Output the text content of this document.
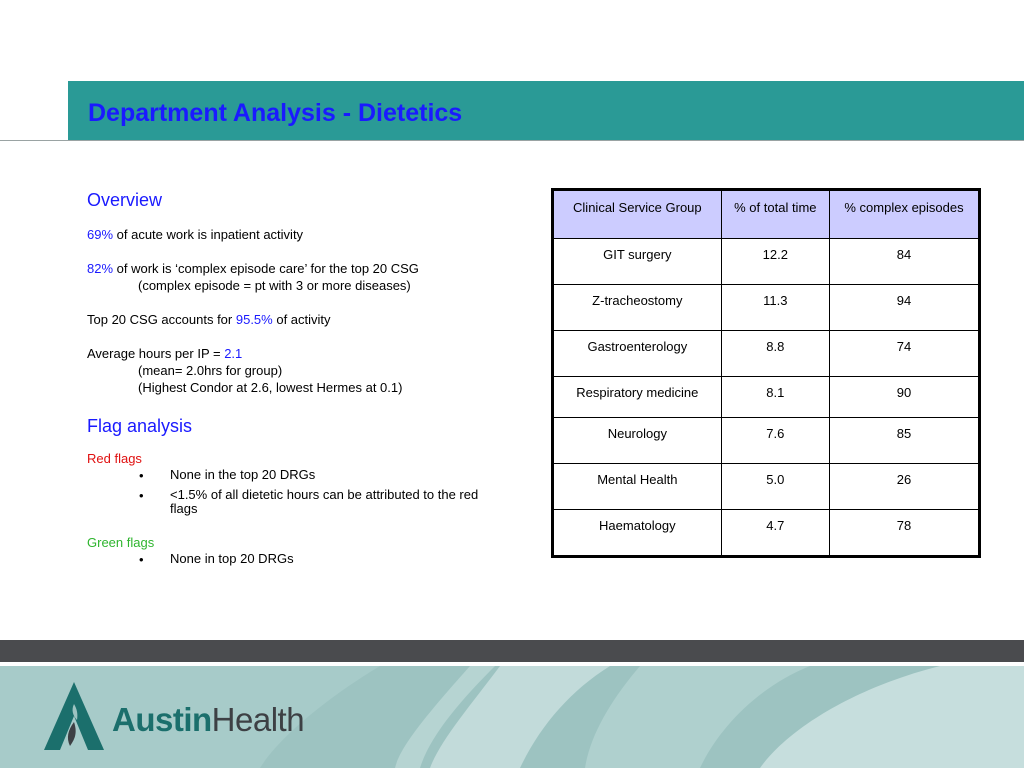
Department Analysis - Dietetics
Overview

69% of acute work is inpatient activity

82% of work is ‘complex episode care’ for the top 20 CSG

(complex episode = pt with 3 or more diseases)

Top 20 CSG accounts for 95.5% of activity

Average hours per IP = 2.1

(mean= 2.0hrs for group)

(Highest Condor at 2.6, lowest Hermes at 0.1)

Flag analysis

Red flags

•	None in the top 20 DRGs
•	<1.5% of all dietetic hours can be attributed to the red flags

Green flags

•	None in top 20 DRGs
Clinical Service Group	% of total time	% complex episodes
GIT surgery	12.2	84
Z-tracheostomy	11.3	94
Gastroenterology	8.8	74
Respiratory medicine	8.1	90
Neurology	7.6	85
Mental Health	5.0	26
Haematology	4.7	78
AustinHealth
